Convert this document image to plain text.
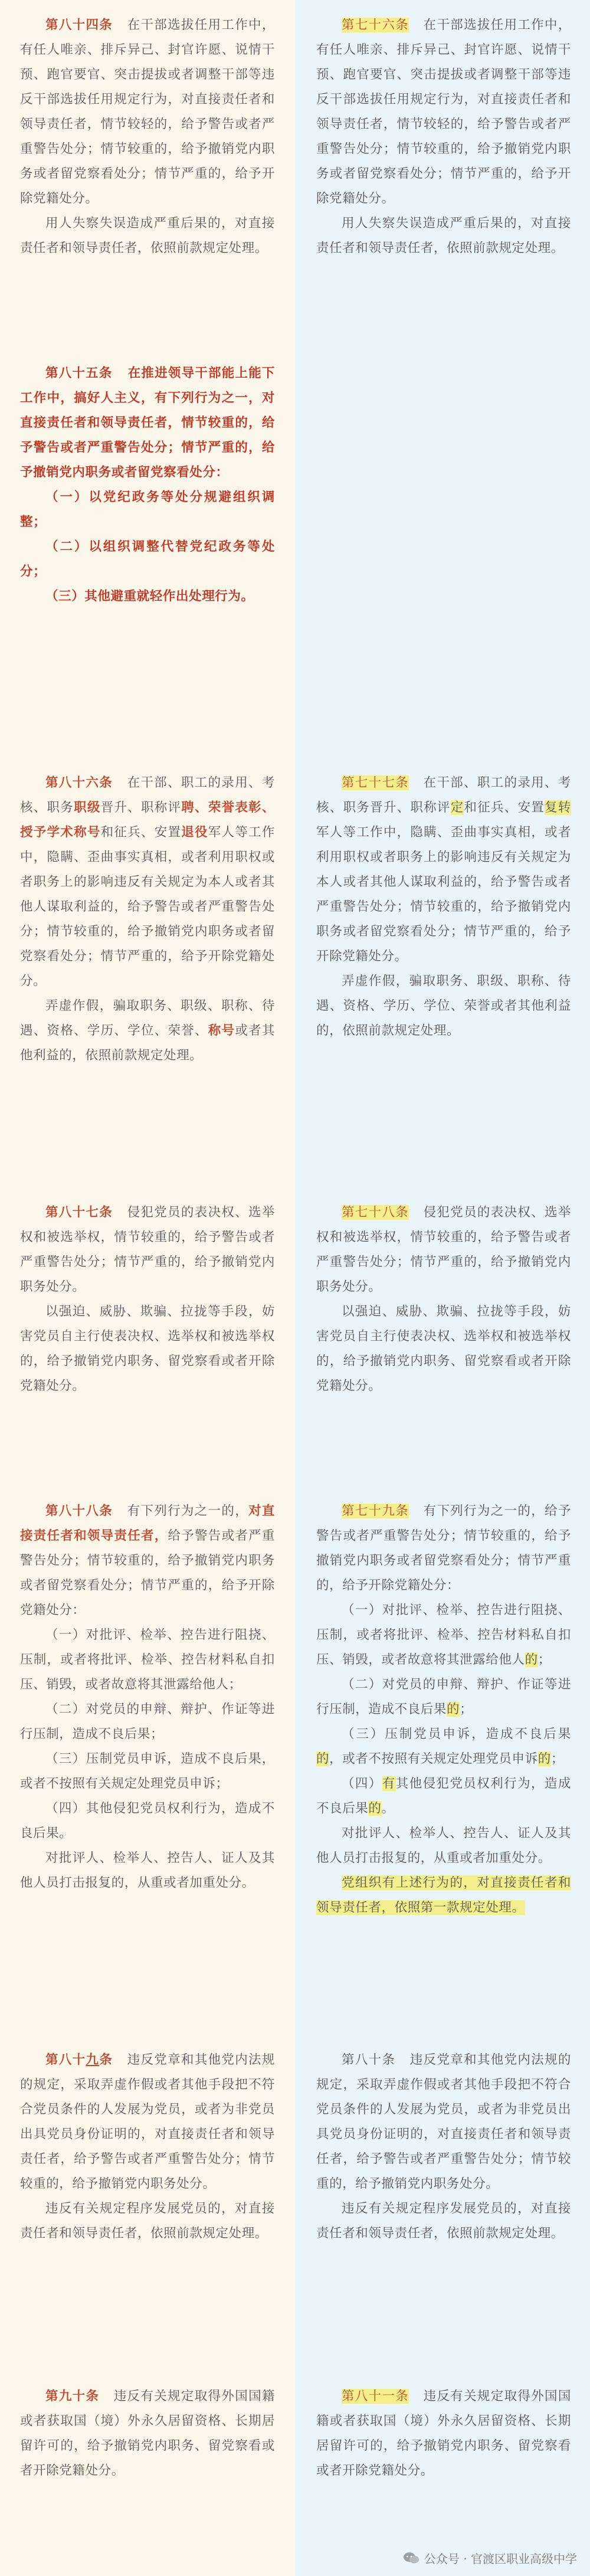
第八十四条 在干部选拔任用工作中，有任人唯亲、排斥异己、封官许愿、说情干预、跑官要官、突击提拔或者调整干部等违反干部选拔任用规定行为，对直接责任者和领导责任者，情节较轻的，给予警告或者严重警告处分；情节较重的，给予撤销党内职务或者留党察看处分；情节严重的，给予开除党籍处分。

用人失察失误造成严重后果的，对直接责任者和领导责任者，依照前款规定处理。

第七十六条 在干部选拔任用工作中，有任人唯亲、排斥异己、封官许愿、说情干预、跑官要官、突击提拔或者调整干部等违反干部选拔任用规定行为，对直接责任者和领导责任者，情节较轻的，给予警告或者严重警告处分；情节较重的，给予撤销党内职务或者留党察看处分；情节严重的，给予开除党籍处分。

用人失察失误造成严重后果的，对直接责任者和领导责任者，依照前款规定处理。

第八十五条 在推进领导干部能上能下工作中，搞好人主义，有下列行为之一，对直接责任者和领导责任者，情节较重的，给予警告或者严重警告处分；情节严重的，给予撤销党内职务或者留党察看处分：

（一）以党纪政务等处分规避组织调整；

（二）以组织调整代替党纪政务等处分；

（三）其他避重就轻作出处理行为。

第八十六条 在干部、职工的录用、考核、职务职级晋升、职称评聘、荣誉表彰、授予学术称号和征兵、安置退役军人等工作中，隐瞒、歪曲事实真相，或者利用职权或者职务上的影响违反有关规定为本人或者其他人谋取利益的，给予警告或者严重警告处分；情节较重的，给予撤销党内职务或者留党察看处分；情节严重的，给予开除党籍处分。

弄虚作假，骗取职务、职级、职称、待遇、资格、学历、学位、荣誉、称号或者其他利益的，依照前款规定处理。

第七十七条 在干部、职工的录用、考核、职务晋升、职称评定和征兵、安置复转军人等工作中，隐瞒、歪曲事实真相，或者利用职权或者职务上的影响违反有关规定为本人或者其他人谋取利益的，给予警告或者严重警告处分；情节较重的，给予撤销党内职务或者留党察看处分；情节严重的，给予开除党籍处分。

弄虚作假，骗取职务、职级、职称、待遇、资格、学历、学位、荣誉或者其他利益的，依照前款规定处理。

第八十七条 侵犯党员的表决权、选举权和被选举权，情节较重的，给予警告或者严重警告处分；情节严重的，给予撤销党内职务处分。

以强迫、威胁、欺骗、拉拢等手段，妨害党员自主行使表决权、选举权和被选举权的，给予撤销党内职务、留党察看或者开除党籍处分。

第七十八条 侵犯党员的表决权、选举权和被选举权，情节较重的，给予警告或者严重警告处分；情节严重的，给予撤销党内职务处分。

以强迫、威胁、欺骗、拉拢等手段，妨害党员自主行使表决权、选举权和被选举权的，给予撤销党内职务、留党察看或者开除党籍处分。

第八十八条 有下列行为之一的，对直接责任者和领导责任者，给予警告或者严重警告处分；情节较重的，给予撤销党内职务或者留党察看处分；情节严重的，给予开除党籍处分：

（一）对批评、检举、控告进行阻挠、压制，或者将批评、检举、控告材料私自扣压、销毁，或者故意将其泄露给他人；

（二）对党员的申辩、辩护、作证等进行压制，造成不良后果；

（三）压制党员申诉，造成不良后果，或者不按照有关规定处理党员申诉；

（四）其他侵犯党员权利行为，造成不良后果。

对批评人、检举人、控告人、证人及其他人员打击报复的，从重或者加重处分。

第七十九条 有下列行为之一的，给予警告或者严重警告处分；情节较重的，给予撤销党内职务或者留党察看处分；情节严重的，给予开除党籍处分：

（一）对批评、检举、控告进行阻挠、压制，或者将批评、检举、控告材料私自扣压、销毁，或者故意将其泄露给他人的；

（二）对党员的申辩、辩护、作证等进行压制，造成不良后果的；

（三）压制党员申诉，造成不良后果的，或者不按照有关规定处理党员申诉的；

（四）有其他侵犯党员权利行为，造成不良后果的。

对批评人、检举人、控告人、证人及其他人员打击报复的，从重或者加重处分。

党组织有上述行为的，对直接责任者和领导责任者，依照第一款规定处理。

第八十九条 违反党章和其他党内法规的规定，采取弄虚作假或者其他手段把不符合党员条件的人发展为党员，或者为非党员出具党员身份证明的，对直接责任者和领导责任者，给予警告或者严重警告处分；情节较重的，给予撤销党内职务处分。

违反有关规定程序发展党员的，对直接责任者和领导责任者，依照前款规定处理。

第八十条 违反党章和其他党内法规的规定，采取弄虚作假或者其他手段把不符合党员条件的人发展为党员，或者为非党员出具党员身份证明的，对直接责任者和领导责任者，给予警告或者严重警告处分；情节较重的，给予撤销党内职务处分。

违反有关规定程序发展党员的，对直接责任者和领导责任者，依照前款规定处理。

第九十条 违反有关规定取得外国国籍或者获取国（境）外永久居留资格、长期居留许可的，给予撤销党内职务、留党察看或者开除党籍处分。

第八十一条 违反有关规定取得外国国籍或者获取国（境）外永久居留资格、长期居留许可的，给予撤销党内职务、留党察看或者开除党籍处分。

公众号 · 官渡区职业高级中学
